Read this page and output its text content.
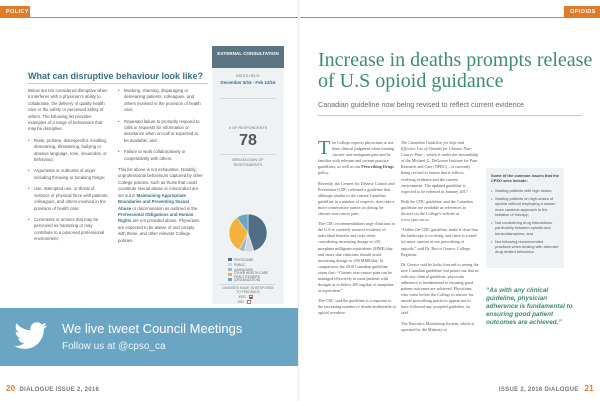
POLICY
What can disruptive behaviour look like?

Below are ten considered disruptive when it interferes with a physician’s ability to collaborate, the delivery of quality health care or the safety or perceived safety of others. The following list provides examples of a range of behaviours that may be disruptive.

•	Rude, profane, disrespectful, insulting, demeaning, threatening, bullying or abusive language, tone, innuendos, or behaviour;
•	Arguments or outbursts of anger including throwing or breaking things;
•	Use, attempted use, or threat of violence or physical force with patients, colleagues, and others involved in the provision of health care;
•	Comments or actions that may be perceived as harassing or may contribute to a poisoned professional environment;
•	Mocking, shaming, disparaging or demeaning patients, colleagues, and others involved in the provision of health care;
•	Repeated failure to promptly respond to calls or requests for information or assistance when on-call or expected to be available; and
•	Failure to work collaboratively or cooperatively with others.

This list above is not exhaustive. Notably, unprofessional behaviours captured by other College policies, such as those that could constitute sexual abuse or misconduct are set out in Maintaining Appropriate Boundaries and Preventing Sexual Abuse or discrimination as outlined in the Professional Obligations and Human Rights are not provided above. Physicians are expected to be aware of and comply with these, and other relevant College policies.

EXTERNAL CONSULTATION
DATES HELD:
December 9/15 - Feb 12/16
# OF RESPONDENTS
78
BREAKDOWN OF RESPONDENTS
PHYSICIANS
PUBLIC
(UNKNOWN)
OTHER HEALTH CARE PRACTITIONERS
(ORGANIZATION)
CHANGES MADE IN RESPONSE TO FEEDBACK
YES
NO
We live tweet Council Meetings
Follow us at @cpso_ca
20 DIALOGUE ISSUE 2, 2016
OPIOIDS
Increase in deaths prompts release of U.S opioid guidance
Canadian guideline now being revised to reflect current evidence

The College expects physicians to use their clinical judgment when treating chronic non-malignant pain and be familiar with relevant and current practice guidelines, as well as our Prescribing Drugs policy.

Recently, the Centers for Disease Control and Prevention (CDC) released a guideline that although similar to the current Canadian guideline in a number of respects, does take a more conservative stance on dosing for chronic non-cancer pain.

The CDC recommendations urge clinicians in the U.S to carefully reassess evidence of individual benefits and risks when considering increasing dosage to ≥50 morphine milligram equivalents (MME)/day and states that clinicians should avoid increasing dosage to ≥90 MME/day. In comparison, the 2010 Canadian guideline states that: “Chronic non-cancer pain can be managed effectively in most patients with dosages at or below 200 mg/day of morphine or equivalent.”

The CDC said the guideline is a response to the increasing number of deaths attributable to opioid overdose.

The Canadian Guideline for Safe and Effective Use of Opioids for Chronic Non-Cancer Pain – which is under the stewardship of the Michael G. DeGroote Institute for Pain Research and Care (NPRC) – is currently being revised to ensure that it reflects evolving evidence and the current environment. The updated guideline is expected to be released in January 2017.

Both the CDC guideline, and the Canadian guideline are available as references to doctors on the College's website at www.cpso.on.ca.

“Unlike the CDC guideline, make it clear that the landscape is evolving, and there is a need for more caution in our prescribing of opioids,” said Dr. Rocco Gerace, College Registrar.

Dr. Gerace said he looks forward to seeing the new Canadian guideline, but points out that as with any clinical guideline, physician adherence is fundamental to ensuring good patient outcomes are achieved. Physicians who come before the College to answer for unsafe prescribing practices appear not to have followed any accepted guideline, he said.

The Narcotics Monitoring System, which is operated by the Ministry of

Some of the common issues that the CPSO sees include:
• Starting patients with high doses;
• Starting patients on high-doses of opioids without employing a slower more cautious approach to the initiation of therapy;
• Not considering drug interactions, particularly between opioids and benzodiazepines; and
• Not following recommended practices when dealing with aberrant drug related behaviour
“As with any clinical guideline, physician adherence is fundamental to ensuring good patient outcomes are achieved.”
ISSUE 2, 2016 DIALOGUE 21
